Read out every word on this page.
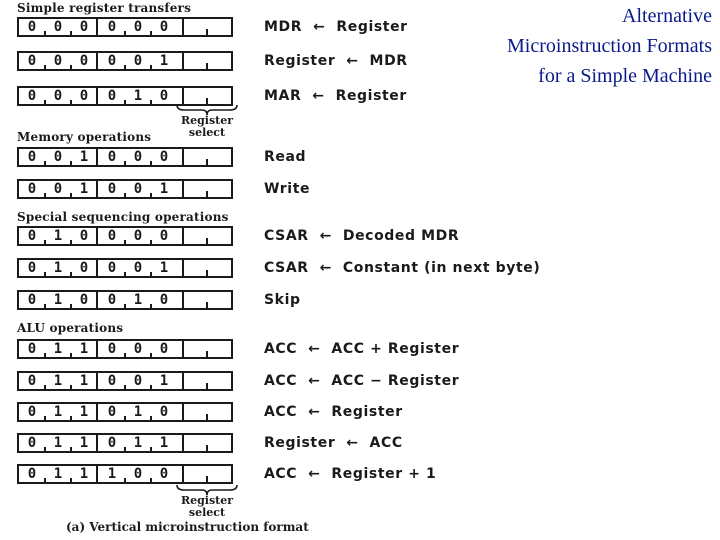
Alternative
Microinstruction Formats
for a Simple Machine
Simple register transfers
Memory operations
Special sequencing operations
ALU operations
Register
select
Register
select
(a) Vertical microinstruction format
0	0	0	0	0	0	MDR  ←  Register
0	0	0	0	0	1	Register  ←  MDR
0	0	0	0	1	0	MAR  ←  Register
0	0	1	0	0	0	Read
0	0	1	0	0	1	Write
0	1	0	0	0	0	CSAR  ←  Decoded MDR
0	1	0	0	0	1	CSAR  ←  Constant (in next byte)
0	1	0	0	1	0	Skip
0	1	1	0	0	0	ACC  ←  ACC + Register
0	1	1	0	0	1	ACC  ←  ACC − Register
0	1	1	0	1	0	ACC  ←  Register
0	1	1	0	1	1	Register  ←  ACC
0	1	1	1	0	0	ACC  ←  Register + 1
